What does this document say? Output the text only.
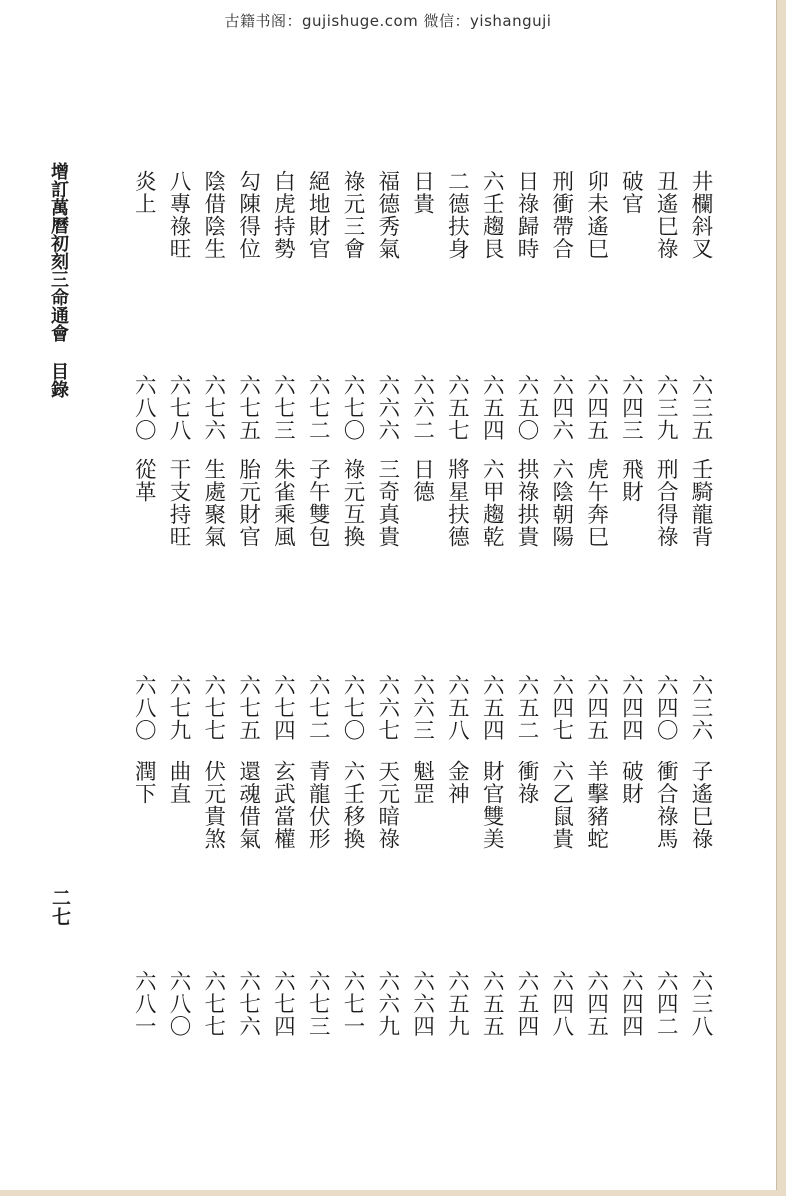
古籍书阁：gujishuge.com 微信：yishanguji
增訂萬曆初刻三命通會目錄
二七
井欄斜叉
六三五
壬騎龍背
六三六
子遙巳祿
六三八
丑遙巳祿
六三九
刑合得祿
六四〇
衝合祿馬
六四二
破官
六四三
飛財
六四四
破財
六四四
卯未遙巳
六四五
虎午奔巳
六四五
羊擊豬蛇
六四五
刑衝帶合
六四六
六陰朝陽
六四七
六乙鼠貴
六四八
日祿歸時
六五〇
拱祿拱貴
六五二
衝祿
六五四
六壬趨艮
六五四
六甲趨乾
六五四
財官雙美
六五五
二德扶身
六五七
將星扶德
六五八
金神
六五九
日貴
六六二
日德
六六三
魁罡
六六四
福德秀氣
六六六
三奇真貴
六六七
天元暗祿
六六九
祿元三會
六七〇
祿元互換
六七〇
六壬移換
六七一
絕地財官
六七二
子午雙包
六七二
青龍伏形
六七三
白虎持勢
六七三
朱雀乘風
六七四
玄武當權
六七四
勾陳得位
六七五
胎元財官
六七五
還魂借氣
六七六
陰借陰生
六七六
生處聚氣
六七七
伏元貴煞
六七七
八專祿旺
六七八
干支持旺
六七九
曲直
六八〇
炎上
六八〇
從革
六八〇
潤下
六八一
